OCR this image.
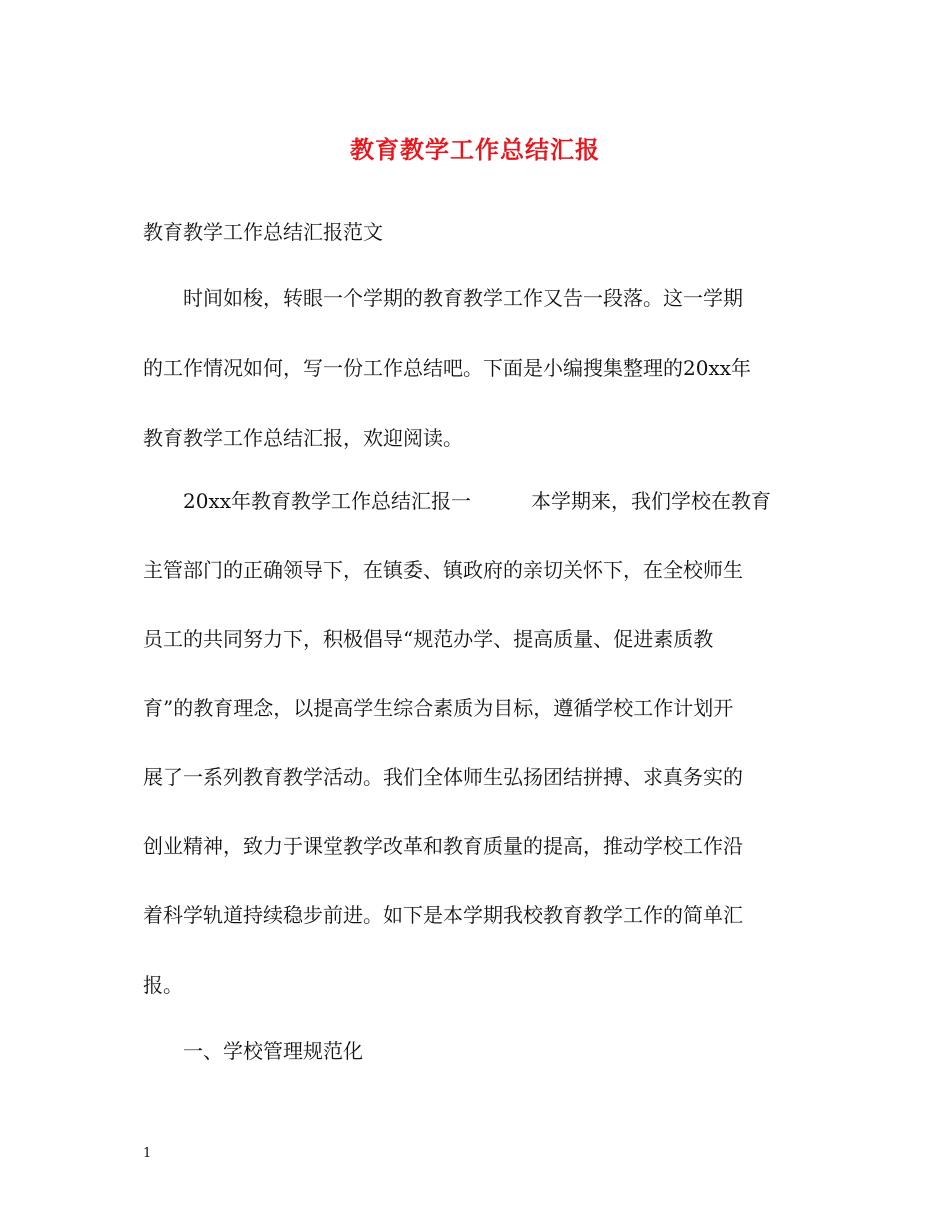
教育教学工作总结汇报
教育教学工作总结汇报范文
　　时间如梭，转眼一个学期的教育教学工作又告一段落。这一学期
的工作情况如何，写一份工作总结吧。下面是小编搜集整理的20xx年
教育教学工作总结汇报，欢迎阅读。
　　20xx年教育教学工作总结汇报一　　　本学期来，我们学校在教育
主管部门的正确领导下，在镇委、镇政府的亲切关怀下，在全校师生
员工的共同努力下，积极倡导“规范办学、提高质量、促进素质教
育”的教育理念，以提高学生综合素质为目标，遵循学校工作计划开
展了一系列教育教学活动。我们全体师生弘扬团结拼搏、求真务实的
创业精神，致力于课堂教学改革和教育质量的提高，推动学校工作沿
着科学轨道持续稳步前进。如下是本学期我校教育教学工作的简单汇
报。
　　一、学校管理规范化
1
